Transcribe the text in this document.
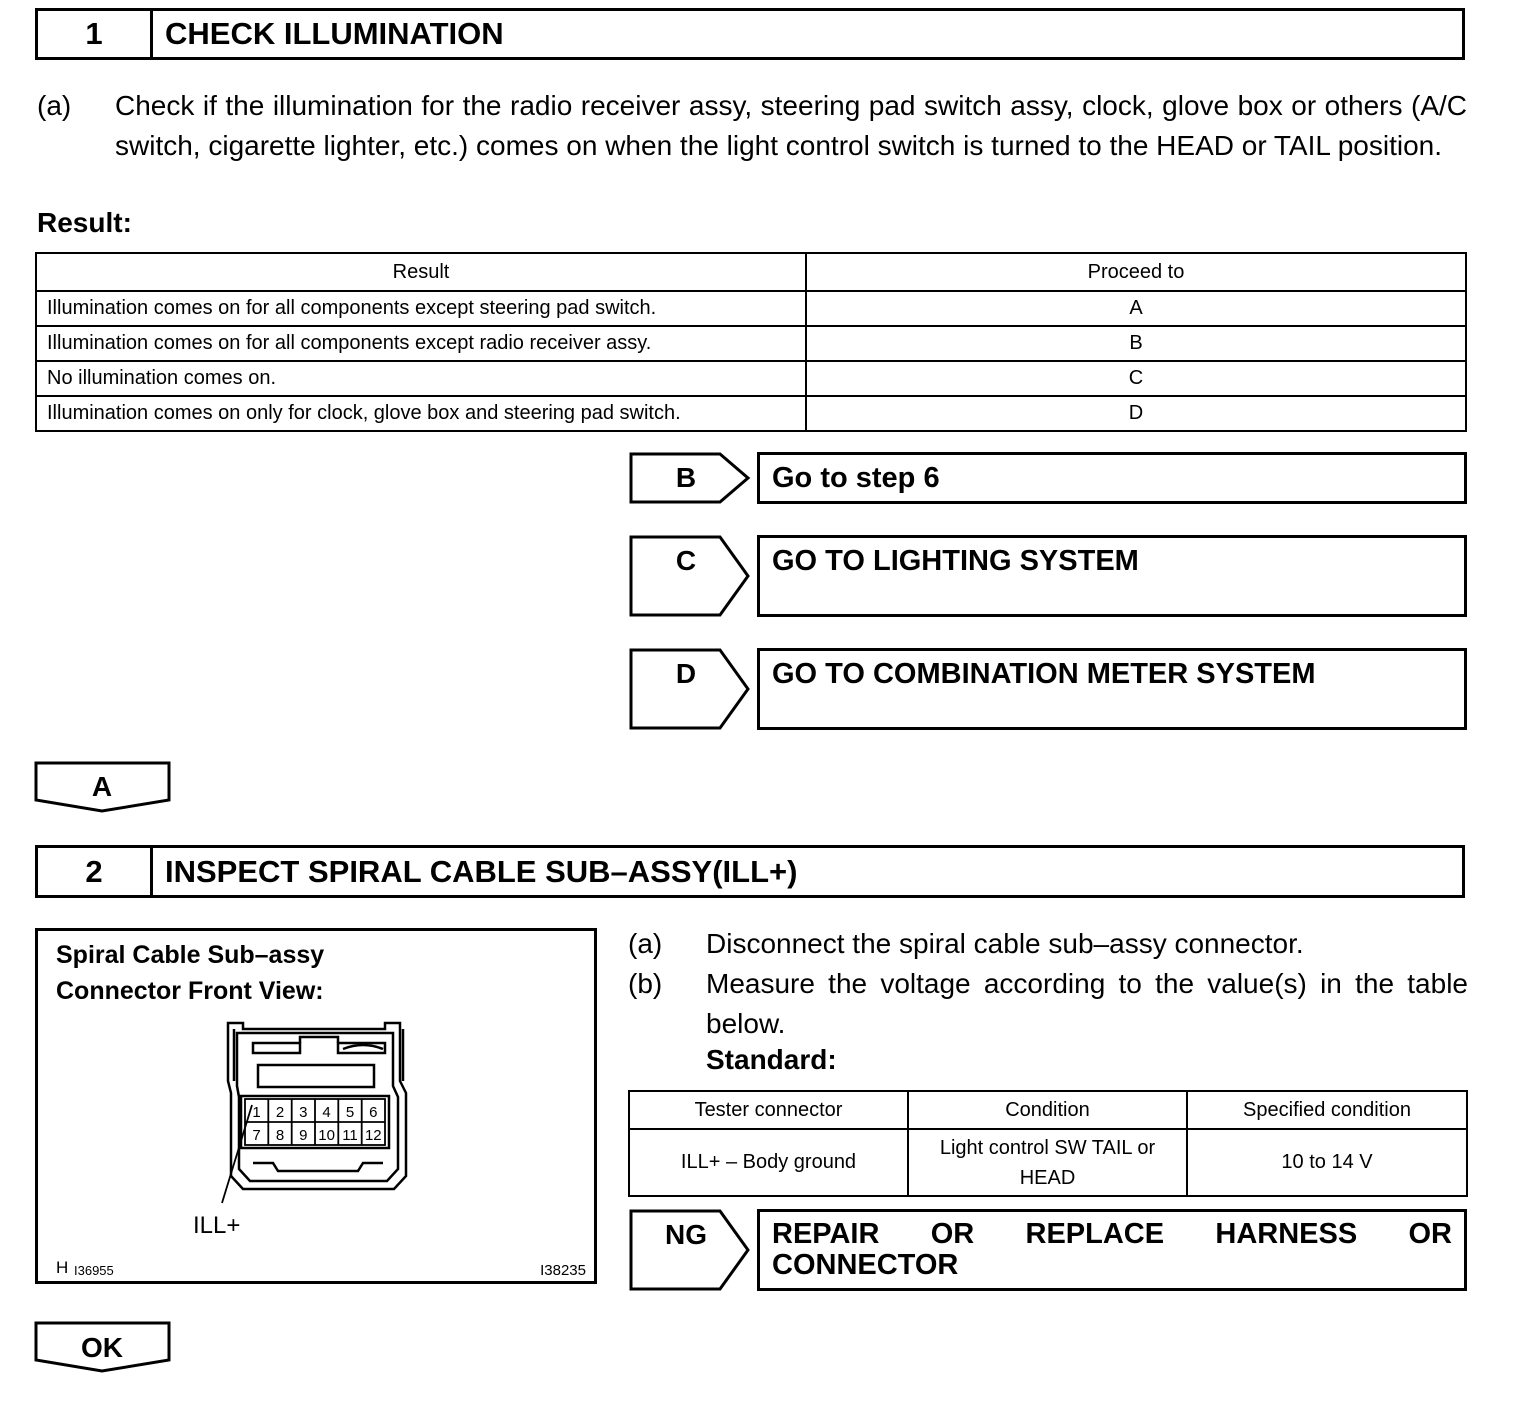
1	CHECK ILLUMINATION
(a) Check if the illumination for the radio receiver assy, steering pad switch assy, clock, glove box or others (A/C switch, cigarette lighter, etc.) comes on when the light control switch is turned to the HEAD or TAIL position.
Result:
Result	Proceed to
Illumination comes on for all components except steering pad switch.	A
Illumination comes on for all components except radio receiver assy.	B
No illumination comes on.	C
Illumination comes on only for clock, glove box and steering pad switch.	D
B	Go to step 6
C	GO TO LIGHTING SYSTEM
D	GO TO COMBINATION METER SYSTEM
A
2	INSPECT SPIRAL CABLE SUB–ASSY(ILL+)
Spiral Cable Sub–assy
Connector Front View:
1 2 3 4 5 6
7 8 9 10 11 12
ILL+
H I36955	I38235
(a) Disconnect the spiral cable sub–assy connector.
(b) Measure the voltage according to the value(s) in the table below.
Standard:
Tester connector	Condition	Specified condition
ILL+ – Body ground	Light control SW TAIL or HEAD	10 to 14 V
NG	REPAIR OR REPLACE HARNESS OR CONNECTOR
OK
